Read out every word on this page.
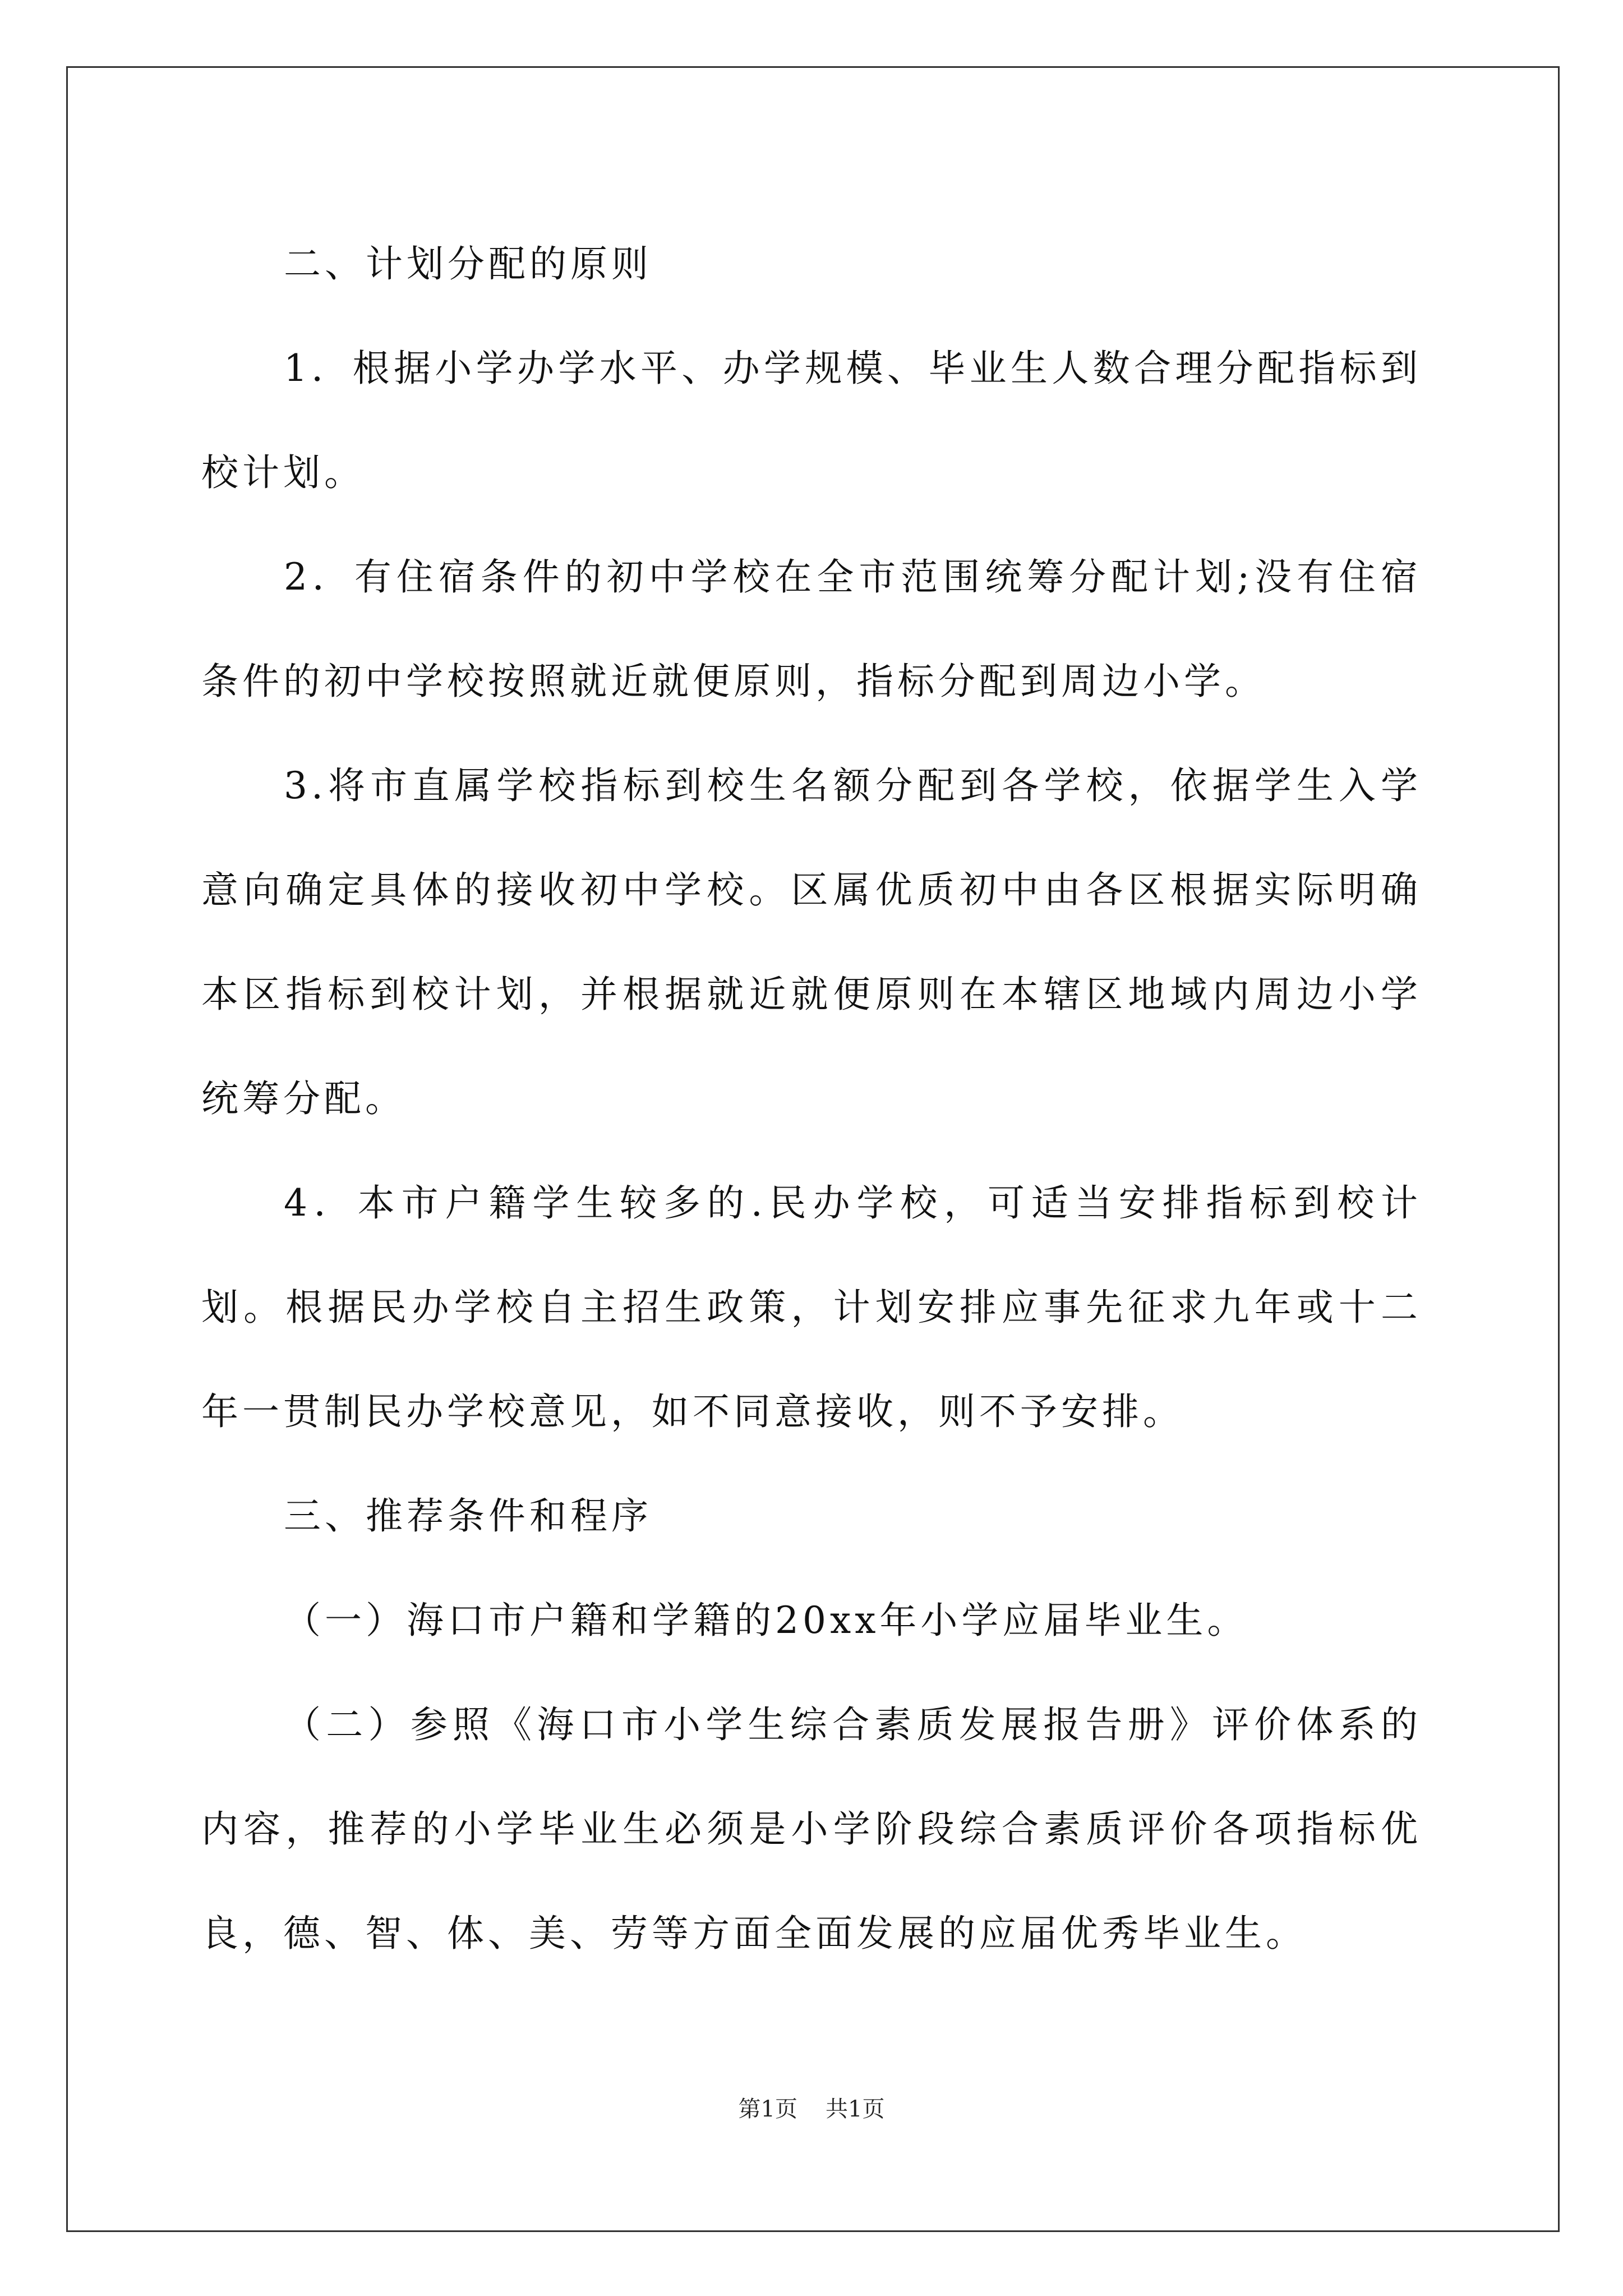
二、计划分配的原则

1．根据小学办学水平、办学规模、毕业生人数合理分配指标到校计划。

2．有住宿条件的初中学校在全市范围统筹分配计划;没有住宿条件的初中学校按照就近就便原则，指标分配到周边小学。

3.将市直属学校指标到校生名额分配到各学校，依据学生入学意向确定具体的接收初中学校。区属优质初中由各区根据实际明确本区指标到校计划，并根据就近就便原则在本辖区地域内周边小学统筹分配。

4．本市户籍学生较多的.民办学校，可适当安排指标到校计划。根据民办学校自主招生政策，计划安排应事先征求九年或十二年一贯制民办学校意见，如不同意接收，则不予安排。

三、推荐条件和程序

（一）海口市户籍和学籍的20xx年小学应届毕业生。

（二）参照《海口市小学生综合素质发展报告册》评价体系的内容，推荐的小学毕业生必须是小学阶段综合素质评价各项指标优良，德、智、体、美、劳等方面全面发展的应届优秀毕业生。

第1页 共1页
